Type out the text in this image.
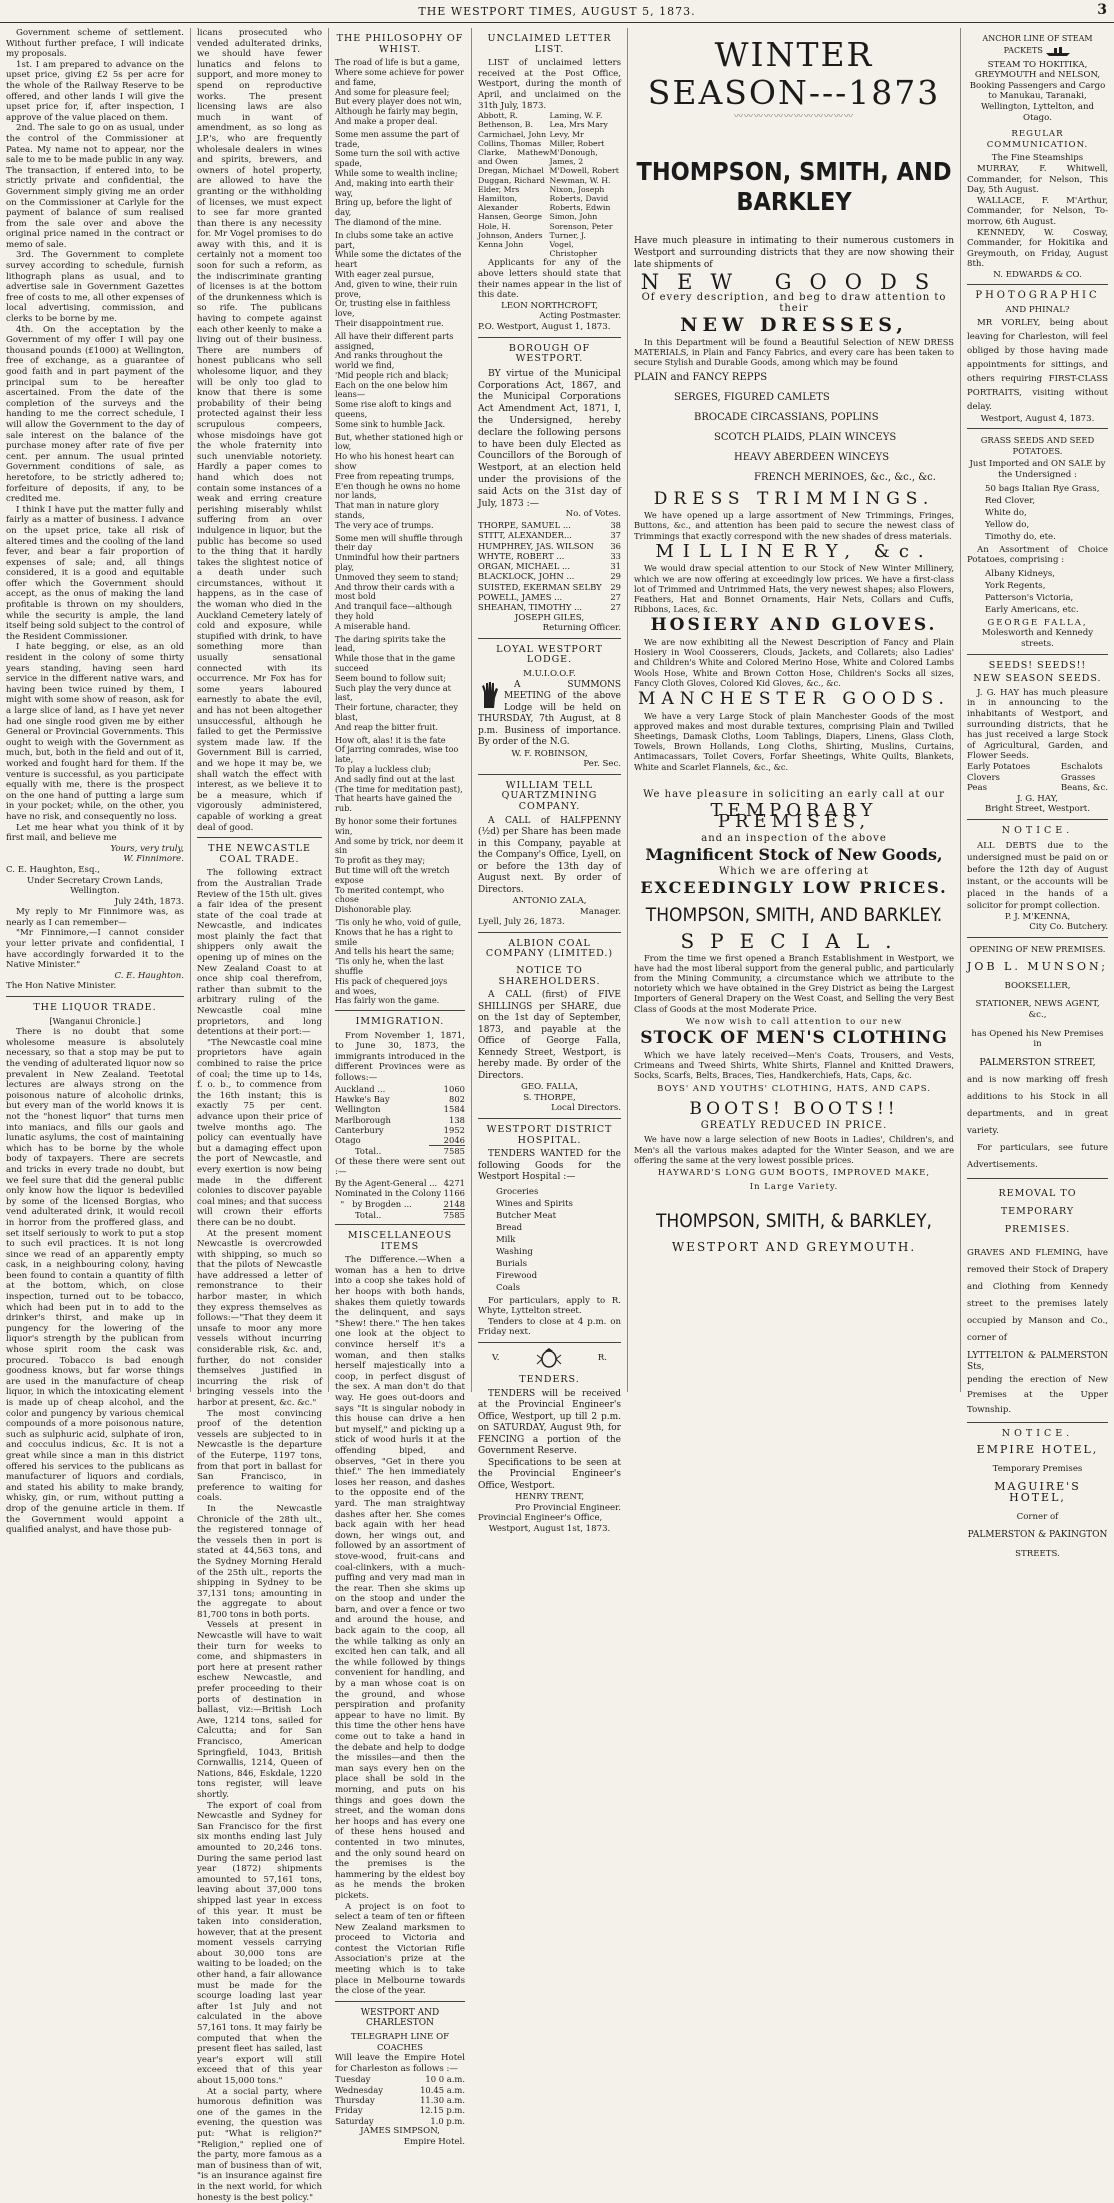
THE WESTPORT TIMES, AUGUST 5, 1873.	3

Government scheme of settlement. Without further preface, I will indicate my proposals.

1st. I am prepared to advance on the upset price, giving £2 5s per acre for the whole of the Railway Reserve to be offered, and other lands I will give the upset price for, if, after inspection, I approve of the value placed on them.

2nd. The sale to go on as usual, under the control of the Commissioner at Patea. My name not to appear, nor the sale to me to be made public in any way. The transaction, if entered into, to be strictly private and confidential, the Government simply giving me an order on the Commissioner at Carlyle for the payment of balance of sum realised from the sale over and above the original price named in the contract or memo of sale.

3rd. The Government to complete survey according to schedule, furnish lithograph plans as usual, and to advertise sale in Government Gazettes free of costs to me, all other expenses of local advertising, commission, and clerks to be borne by me.

4th. On the acceptation by the Government of my offer I will pay one thousand pounds (£1000) at Wellington, free of exchange, as a guarantee of good faith and in part payment of the principal sum to be hereafter ascertained. From the date of the completion of the surveys and the handing to me the correct schedule, I will allow the Government to the day of sale interest on the balance of the purchase money after rate of five per cent. per annum. The usual printed Government conditions of sale, as heretofore, to be strictly adhered to; forfeiture of deposits, if any, to be credited me.

I think I have put the matter fully and fairly as a matter of business. I advance on the upset price, take all risk of altered times and the cooling of the land fever, and bear a fair proportion of expenses of sale; and, all things considered, it is a good and equitable offer which the Government should accept, as the onus of making the land profitable is thrown on my shoulders, while the security is ample, the land itself being sold subject to the control of the Resident Commissioner.

I hate begging, or else, as an old resident in the colony of some thirty years standing, having seen hard service in the different native wars, and having been twice ruined by them, I might with some show of reason, ask for a large slice of land, as I have yet never had one single rood given me by either General or Provincial Governments. This ought to weigh with the Government as much, but, both in the field and out of it, worked and fought hard for them. If the venture is successful, as you participate equally with me, there is the prospect on the one hand of putting a large sum in your pocket; while, on the other, you have no risk, and consequently no loss.

Let me hear what you think of it by first mail, and believe me

Yours, very truly,
W. Finnimore.
C. E. Haughton, Esq.,
Under Secretary Crown Lands, Wellington.
July 24th, 1873.

My reply to Mr Finnimore was, as nearly as I can remember—

"Mr Finnimore,—I cannot consider your letter private and confidential, I have accordingly forwarded it to the Native Minister."

C. E. Haughton.
The Hon Native Minister.
THE LIQUOR TRADE.
[Wanganui Chronicle.]

There is no doubt that some wholesome measure is absolutely necessary, so that a stop may be put to the vending of adulterated liquor now so prevalent in New Zealand. Teetotal lectures are always strong on the poisonous nature of alcoholic drinks, but every man of the world knows it is not the "honest liquor" that turns men into maniacs, and fills our gaols and lunatic asylums, the cost of maintaining which has to be borne by the whole body of taxpayers. There are secrets and tricks in every trade no doubt, but we feel sure that did the general public only know how the liquor is bedevilled by some of the licensed Borgias, who vend adulterated drink, it would recoil in horror from the proffered glass, and set itself seriously to work to put a stop to such evil practices. It is not long since we read of an apparently empty cask, in a neighbouring colony, having been found to contain a quantity of filth at the bottom, which, on close inspection, turned out to be tobacco, which had been put in to add to the drinker's thirst, and make up in pungency for the lowering of the liquor's strength by the publican from whose spirit room the cask was procured. Tobacco is bad enough goodness knows, but far worse things are used in the manufacture of cheap liquor, in which the intoxicating element is made up of cheap alcohol, and the color and pungency by various chemical compounds of a more poisonous nature, such as sulphuric acid, sulphate of iron, and cocculus indicus, &c. It is not a great while since a man in this district offered his services to the publicans as manufacturer of liquors and cordials, and stated his ability to make brandy, whisky, gin, or rum, without putting a drop of the genuine article in them. If the Government would appoint a qualified analyst, and have those pub-

licans prosecuted who vended adulterated drinks, we should have fewer lunatics and felons to support, and more money to spend on reproductive works. The present licensing laws are also much in want of amendment, as so long as J.P.'s, who are frequently wholesale dealers in wines and spirits, brewers, and owners of hotel property, are allowed to have the granting or the withholding of licenses, we must expect to see far more granted than there is any necessity for. Mr Vogel promises to do away with this, and it is certainly not a moment too soon for such a reform, as the indiscriminate granting of licenses is at the bottom of the drunkenness which is so rife. The publicans having to compete against each other keenly to make a living out of their business. There are numbers of honest publicans who sell wholesome liquor, and they will be only too glad to know that there is some probability of their being protected against their less scrupulous compeers, whose misdoings have got the whole fraternity into such unenviable notoriety. Hardly a paper comes to hand which does not contain some instances of a weak and erring creature perishing miserably whilst suffering from an over indulgence in liquor, but the public has become so used to the thing that it hardly takes the slightest notice of a death under such circumstances, without it happens, as in the case of the woman who died in the Auckland Cemetery lately of cold and exposure, while stupified with drink, to have something more than usually sensational connected with its occurrence. Mr Fox has for some years laboured earnestly to abate the evil, and has not been altogether unsuccessful, although he failed to get the Permissive system made law. If the Government Bill is carried, and we hope it may be, we shall watch the effect with interest, as we believe it to be a measure, which if vigorously administered, capable of working a great deal of good.

THE NEWCASTLE COAL TRADE.

The following extract from the Australian Trade Review of the 15th ult. gives a fair idea of the present state of the coal trade at Newcastle, and indicates most plainly the fact that shippers only await the opening up of mines on the New Zealand Coast to at once ship coal therefrom, rather than submit to the arbitrary ruling of the Newcastle coal mine proprietors, and long detentions at their port:—

"The Newcastle coal mine proprietors have again combined to raise the price of coal; the time up to 14s, f. o. b., to commence from the 16th instant; this is exactly 75 per cent. advance upon their price of twelve months ago. The policy can eventually have but a damaging effect upon the port of Newcastle, and every exertion is now being made in the different colonies to discover payable coal mines; and that success will crown their efforts there can be no doubt.

At the present moment Newcastle is overcrowded with shipping, so much so that the pilots of Newcastle have addressed a letter of remonstrance to their harbor master, in which they express themselves as follows:—"That they deem it unsafe to moor any more vessels without incurring considerable risk, &c. and, further, do not consider themselves justified in incurring the risk of bringing vessels into the harbor at present, &c. &c."

The most convincing proof of the detention vessels are subjected to in Newcastle is the departure of the Euterpe, 1197 tons, from that port in ballast for San Francisco, in preference to waiting for coals.

In the Newcastle Chronicle of the 28th ult., the registered tonnage of the vessels then in port is stated at 44,563 tons, and the Sydney Morning Herald of the 25th ult., reports the shipping in Sydney to be 37,131 tons; amounting in the aggregate to about 81,700 tons in both ports.

Vessels at present in Newcastle will have to wait their turn for weeks to come, and shipmasters in port here at present rather eschew Newcastle, and prefer proceeding to their ports of destination in ballast, viz:—British Loch Awe, 1214 tons, sailed for Calcutta; and for San Francisco, American Springfield, 1043, British Cornwallis, 1214, Queen of Nations, 846, Eskdale, 1220 tons register, will leave shortly.

The export of coal from Newcastle and Sydney for San Francisco for the first six months ending last July amounted to 20,246 tons. During the same period last year (1872) shipments amounted to 57,161 tons, leaving about 37,000 tons shipped last year in excess of this year. It must be taken into consideration, however, that at the present moment vessels carrying about 30,000 tons are waiting to be loaded; on the other hand, a fair allowance must be made for the scourge loading last year after 1st July and not calculated in the above 57,161 tons. It may fairly be computed that when the present fleet has sailed, last year's export will still exceed that of this year about 15,000 tons."

At a social party, where humorous definition was one of the games in the evening, the question was put: "What is religion?" "Religion," replied one of the party, more famous as a man of business than of wit, "is an insurance against fire in the next world, for which honesty is the best policy."

THE PHILOSOPHY OF WHIST.

The road of life is but a game,
Where some achieve for power and fame,
And some for pleasure feel;
But every player does not win,
Although he fairly may begin,
And make a proper deal.

Some men assume the part of trade,
Some turn the soil with active spade,
While some to wealth incline;
And, making into earth their way,
Bring up, before the light of day,
The diamond of the mine.

In clubs some take an active part,
While some the dictates of the heart
With eager zeal pursue,
And, given to wine, their ruin prove,
Or, trusting else in faithless love,
Their disappointment rue.

All have their different parts assigned,
And ranks throughout the world we find,
'Mid people rich and black;
Each on the one below him leans—
Some rise aloft to kings and queens,
Some sink to humble Jack.

But, whether stationed high or low,
Ho who his honest heart can show
Free from repeating trumps,
E'en though he owns no home nor lands,
That man in nature glory stands,
The very ace of trumps.

Some men will shuffle through their day
Unmindful how their partners play,
Unmoved they seem to stand;
And throw their cards with a most bold
And tranquil face—although they hold
A miserable hand.

The daring spirits take the lead,
While those that in the game succeed
Seem bound to follow suit;
Such play the very dunce at last,
Their fortune, character, they blast,
And reap the bitter fruit.

How oft, alas! it is the fate
Of jarring comrades, wise too late,
To play a luckless club;
And sadly find out at the last
(The time for meditation past),
That hearts have gained the rub.

By honor some their fortunes win,
And some by trick, nor deem it sin
To profit as they may;
But time will oft the wretch expose
To merited contempt, who chose
Dishonorable play.

'Tis only he who, void of guile,
Knows that he has a right to smile
And tells his heart the same;
'Tis only he, when the last shuffle
His pack of chequered joys and woes,
Has fairly won the game.

IMMIGRATION.

From November 1, 1871, to June 30, 1873, the immigrants introduced in the different Provinces were as follows:—

Auckland ...	1060
Hawke's Bay	802
Wellington	1584
Marlborough	138
Canterbury	1952
Otago	2046
Total..	7585
Of these there were sent out :—
By the Agent-General ...	4271
Nominated in the Colony	1166
"   by Brogden ...	2148
Total..	7585
MISCELLANEOUS ITEMS

The Difference.—When a woman has a hen to drive into a coop she takes hold of her hoops with both hands, shakes them quietly towards the delinquent, and says "Shew! there." The hen takes one look at the object to convince herself it's a woman, and then stalks herself majestically into a coop, in perfect disgust of the sex. A man don't do that way. He goes out-doors and says "It is singular nobody in this house can drive a hen but myself," and picking up a stick of wood hurls it at the offending biped, and observes, "Get in there you thief." The hen immediately loses her reason, and dashes to the opposite end of the yard. The man straightway dashes after her. She comes back again with her head down, her wings out, and followed by an assortment of stove-wood, fruit-cans and coal-clinkers, with a much-puffing and very mad man in the rear. Then she skims up on the stoop and under the barn, and over a fence or two and around the house, and back again to the coop, all the while talking as only an excited hen can talk, and all the while followed by things convenient for handling, and by a man whose coat is on the ground, and whose perspiration and profanity appear to have no limit. By this time the other hens have come out to take a hand in the debate and help to dodge the missiles—and then the man says every hen on the place shall be sold in the morning, and puts on his things and goes down the street, and the woman dons her hoops and has every one of these hens housed and contented in two minutes, and the only sound heard on the premises is the hammering by the eldest boy as he mends the broken pickets.

A project is on foot to select a team of ten or fifteen New Zealand marksmen to proceed to Victoria and contest the Victorian Rifle Association's prize at the meeting which is to take place in Melbourne towards the close of the year.

WESTPORT AND CHARLESTON
TELEGRAPH LINE OF COACHES
Will leave the Empire Hotel for Charleston as follows :—
Tuesday	10 0 a.m.
Wednesday	10.45 a.m.
Thursday	11.30 a.m.
Friday	12.15 p.m.
Saturday	1.0 p.m.
JAMES SIMPSON,
Empire Hotel.
UNCLAIMED LETTER LIST.

LIST of unclaimed letters received at the Post Office, Westport, during the month of April, and unclaimed on the 31th July, 1873.

Abbott, R.
Bethenson, B.
Carmichael, John
Collins, Thomas
Clarke, Mathew and Owen
Dregan, Michael
Duggan, Richard
Elder, Mrs
Hamilton, Alexander
Hansen, George
Hole, H.
Johnson, Anders
Kenna John
Laming, W. F.
Lea, Mrs Mary
Levy, Mr
Miller, Robert
M'Donough, James, 2
M'Dowell, Robert
Newman, W. H.
Nixon, Joseph
Roberts, David
Roberts, Edwin
Simon, John
Sorenson, Peter
Turner, J.
Vogel, Christopher

Applicants for any of the above letters should state that their names appear in the list of this date.

LEON NORTHCROFT,
Acting Postmaster.
P.O. Westport, August 1, 1873.
BOROUGH OF WESTPORT.

BY virtue of the Municipal Corporations Act, 1867, and the Municipal Corporations Act Amendment Act, 1871, I, the Undersigned, hereby declare the following persons to have been duly Elected as Councillors of the Borough of Westport, at an election held under the provisions of the said Acts on the 31st day of July, 1873 :—

No. of Votes.
THORPE, SAMUEL ...	38
STITT, ALEXANDER...	37
HUMPHREY, JAS. WILSON	36
WHYTE, ROBERT ...	33
ORGAN, MICHAEL ...	31
BLACKLOCK, JOHN ...	29
SUISTED, EKERMAN SELBY	29
POWELL, JAMES ...	27
SHEAHAN, TIMOTHY ...	27
JOSEPH GILES,
Returning Officer.
LOYAL WESTPORT LODGE.
M.U.I.O.O.F.

A SUMMONS MEETING of the above Lodge will be held on THURSDAY, 7th August, at 8 p.m. Business of importance. By order of the N.G.

W. F. ROBINSON,
Per. Sec.
WILLIAM TELL QUARTZMINING COMPANY.

A CALL of HALFPENNY (½d) per Share has been made in this Company, payable at the Company's Office, Lyell, on or before the 13th day of August next. By order of Directors.

ANTONIO ZALA,
Manager.
Lyell, July 26, 1873.
ALBION COAL COMPANY (LIMITED.)
NOTICE TO SHAREHOLDERS.

A CALL (first) of FIVE SHILLINGS per SHARE, due on the 1st day of September, 1873, and payable at the Office of George Falla, Kennedy Street, Westport, is hereby made. By order of the Directors.

GEO. FALLA,
S. THORPE,
Local Directors.
WESTPORT DISTRICT HOSPITAL.

TENDERS WANTED for the following Goods for the Westport Hospital :—

Groceries
Wines and Spirits
Butcher Meat
Bread
Milk
Washing
Burials
Firewood
Coals

For particulars, apply to R. Whyte, Lyttelton street.

Tenders to close at 4 p.m. on Friday next.

V.	R.
TENDERS.

TENDERS will be received at the Provincial Engineer's Office, Westport, up till 2 p.m. on SATURDAY, August 9th, for FENCING a portion of the Government Reserve.

Specifications to be seen at the Provincial Engineer's Office, Westport.

HENRY TRENT,
Pro Provincial Engineer.
Provincial Engineer's Office,
Westport, August 1st, 1873.
WINTER SEASON---1873
〰〰〰〰〰〰〰〰〰〰〰〰
THOMPSON, SMITH, AND BARKLEY

Have much pleasure in intimating to their numerous customers in Westport and surrounding districts that they are now showing their late shipments of

NEW GOODS
Of every description, and beg to draw attention to their
NEW DRESSES,

In this Department will be found a Beautiful Selection of NEW DRESS MATERIALS, in Plain and Fancy Fabrics, and every care has been taken to secure Stylish and Durable Goods, among which may be found

PLAIN and FANCY REPPS
SERGES, FIGURED CAMLETS
BROCADE CIRCASSIANS, POPLINS
SCOTCH PLAIDS, PLAIN WINCEYS
HEAVY ABERDEEN WINCEYS
FRENCH MERINOES, &c., &c., &c.
DRESS TRIMMINGS.

We have opened up a large assortment of New Trimmings, Fringes, Buttons, &c., and attention has been paid to secure the newest class of Trimmings that exactly correspond with the new shades of dress materials.

MILLINERY, &c.

We would draw special attention to our Stock of New Winter Millinery, which we are now offering at exceedingly low prices. We have a first-class lot of Trimmed and Untrimmed Hats, the very newest shapes; also Flowers, Feathers, Hat and Bonnet Ornaments, Hair Nets, Collars and Cuffs, Ribbons, Laces, &c.

HOSIERY AND GLOVES.

We are now exhibiting all the Newest Description of Fancy and Plain Hosiery in Wool Coosserers, Clouds, Jackets, and Collarets; also Ladies' and Children's White and Colored Merino Hose, White and Colored Lambs Wools Hose, White and Brown Cotton Hose, Children's Socks all sizes, Fancy Cloth Gloves, Colored Kid Gloves, &c., &c.

MANCHESTER GOODS.

We have a very Large Stock of plain Manchester Goods of the most approved makes and most durable textures, comprising Plain and Twilled Sheetings, Damask Cloths, Loom Tablings, Diapers, Linens, Glass Cloth, Towels, Brown Hollands, Long Cloths, Shirting, Muslins, Curtains, Antimacassars, Toilet Covers, Forfar Sheetings, White Quilts, Blankets, White and Scarlet Flannels, &c., &c.

We have pleasure in soliciting an early call at our
TEMPORARY PREMISES,
and an inspection of the above
Magnificent Stock of New Goods,
Which we are offering at
EXCEEDINGLY LOW PRICES.
THOMPSON, SMITH, AND BARKLEY.
SPECIAL.

From the time we first opened a Branch Establishment in Westport, we have had the most liberal support from the general public, and particularly from the Mining Community, a circumstance which we attribute to the notoriety which we have obtained in the Grey District as being the Largest Importers of General Drapery on the West Coast, and Selling the very Best Class of Goods at the most Moderate Price.

We now wish to call attention to our new
STOCK OF MEN'S CLOTHING

Which we have lately received—Men's Coats, Trousers, and Vests, Crimeans and Tweed Shirts, White Shirts, Flannel and Knitted Drawers, Socks, Scarfs, Belts, Braces, Ties, Handkerchiefs, Hats, Caps, &c.

BOYS' AND YOUTHS' CLOTHING, HATS, AND CAPS.
BOOTS! BOOTS!!
GREATLY REDUCED IN PRICE.

We have now a large selection of new Boots in Ladies', Children's, and Men's all the various makes adapted for the Winter Season, and we are offering the same at the very lowest possible prices.

HAYWARD'S LONG GUM BOOTS, IMPROVED MAKE,
In Large Variety.
THOMPSON, SMITH, & BARKLEY,
WESTPORT AND GREYMOUTH.
ANCHOR LINE OF STEAM PACKETS

STEAM TO HOKITIKA, GREYMOUTH and NELSON, Booking Passengers and Cargo to Manukau, Taranaki, Wellington, Lyttelton, and Otago.

REGULAR COMMUNICATION.
The Fine Steamships

MURRAY, F. Whitwell, Commander, for Nelson, This Day, 5th August.

WALLACE, F. M'Arthur, Commander, for Nelson, To-morrow, 6th August.

KENNEDY, W. Cosway, Commander, for Hokitika and Greymouth, on Friday, August 8th.

N. EDWARDS & CO.
PHOTOGRAPHIC
AND PHINAL?

MR VORLEY, being about leaving for Charleston, will feel obliged by those having made appointments for sittings, and others requiring FIRST-CLASS PORTRAITS, visiting without delay.

Westport, August 4, 1873.
GRASS SEEDS AND SEED POTATOES.

Just Imported and ON SALE by the Undersigned :

50 bags Italian Rye Grass,
Red Clover,
White do,
Yellow do,
Timothy do, ete.

An Assortment of Choice Potatoes, comprising :

Albany Kidneys,
York Regents,
Patterson's Victoria,
Early Americans, etc.
GEORGE FALLA,
Molesworth and Kennedy streets.
SEEDS! SEEDS!!
NEW SEASON SEEDS.

J. G. HAY has much pleasure in in announcing to the inhabitants of Westport, and surrounding districts, that he has just received a large Stock of Agricultural, Garden, and Flower Seeds.

Early Potatoes
Clovers
Peas
Eschalots
Grasses
Beans, &c.
J. G. HAY,
Bright Street, Westport.
NOTICE.

ALL DEBTS due to the undersigned must be paid on or before the 12th day of August instant, or the accounts will be placed in the hands of a solicitor for prompt collection.

P. J. M'KENNA,
City Co. Butchery.
OPENING OF NEW PREMISES.
JOB L. MUNSON;
BOOKSELLER,
STATIONER, NEWS AGENT, &c.,
has Opened his New Premises in
PALMERSTON STREET,

and is now marking off fresh additions to his Stock in all departments, and in great variety.

For particulars, see future Advertisements.

REMOVAL TO TEMPORARY PREMISES.

GRAVES AND FLEMING, have removed their Stock of Drapery and Clothing from Kennedy street to the premises lately occupied by Manson and Co., corner of

LYTTELTON & PALMERSTON Sts,

pending the erection of New Premises at the Upper Township.

NOTICE.
EMPIRE HOTEL,
Temporary Premises
MAGUIRE'S HOTEL,
Corner of
PALMERSTON & PAKINGTON
STREETS.
